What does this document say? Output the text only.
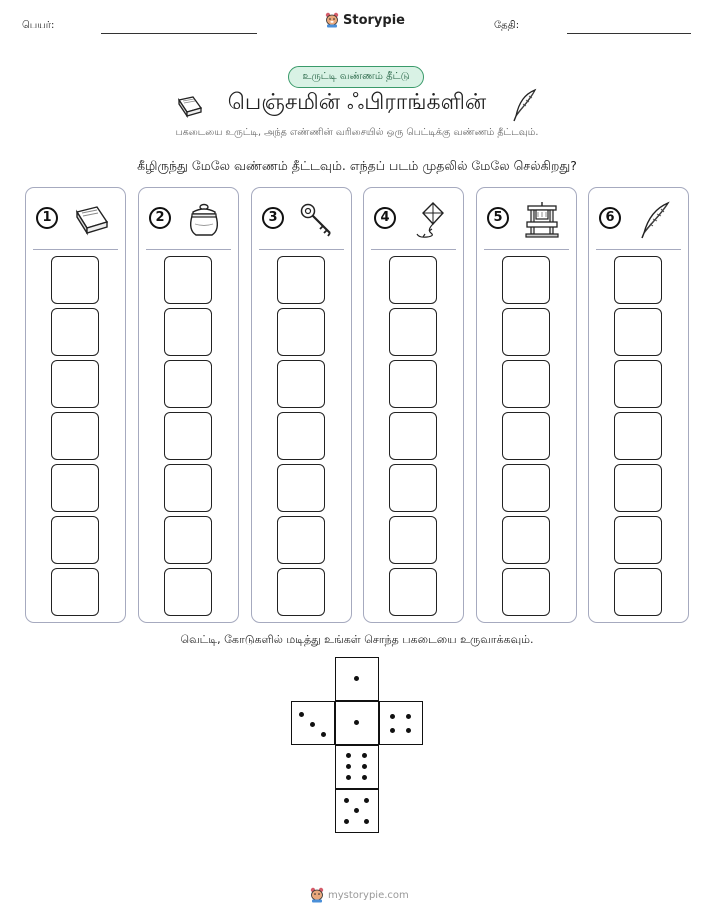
பெயர்:	Storypie	தேதி:
உருட்டி வண்ணம் தீட்டு
பெஞ்சமின் ஃபிராங்க்ளின்
பகடையை உருட்டி, அந்த எண்ணின் வரிசையில் ஒரு பெட்டிக்கு வண்ணம் தீட்டவும்.
கீழிருந்து மேலே வண்ணம் தீட்டவும். எந்தப் படம் முதலில் மேலே செல்கிறது?
1	2	3	4	5	6
வெட்டி, கோடுகளில் மடித்து உங்கள் சொந்த பகடையை உருவாக்கவும்.
mystorypie.com
